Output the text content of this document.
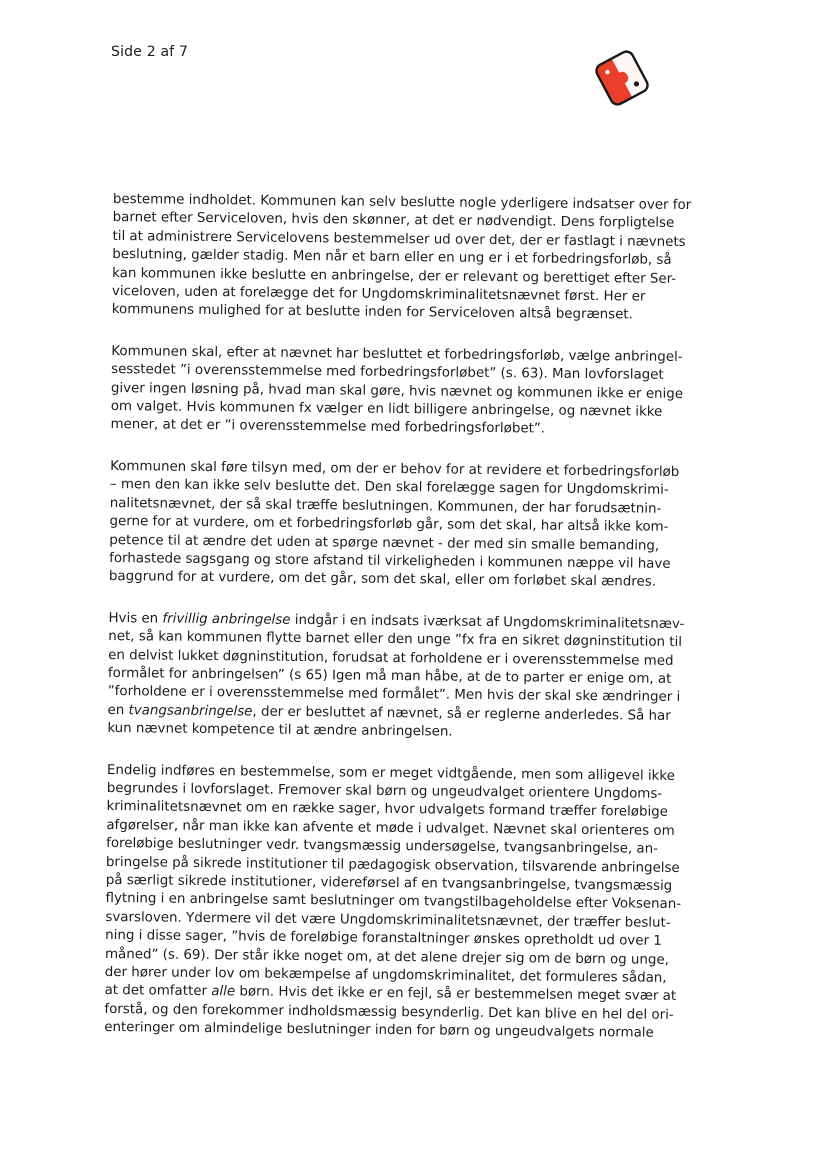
Side 2 af 7

bestemme indholdet. Kommunen kan selv beslutte nogle yderligere indsatser over for
barnet efter Serviceloven, hvis den skønner, at det er nødvendigt. Dens forpligtelse
til at administrere Servicelovens bestemmelser ud over det, der er fastlagt i nævnets
beslutning, gælder stadig. Men når et barn eller en ung er i et forbedringsforløb, så
kan kommunen ikke beslutte en anbringelse, der er relevant og berettiget efter Ser-
viceloven, uden at forelægge det for Ungdomskriminalitetsnævnet først. Her er
kommunens mulighed for at beslutte inden for Serviceloven altså begrænset.

Kommunen skal, efter at nævnet har besluttet et forbedringsforløb, vælge anbringel-
sesstedet ”i overensstemmelse med forbedringsforløbet” (s. 63). Man lovforslaget
giver ingen løsning på, hvad man skal gøre, hvis nævnet og kommunen ikke er enige
om valget. Hvis kommunen fx vælger en lidt billigere anbringelse, og nævnet ikke
mener, at det er ”i overensstemmelse med forbedringsforløbet”.

Kommunen skal føre tilsyn med, om der er behov for at revidere et forbedringsforløb
– men den kan ikke selv beslutte det. Den skal forelægge sagen for Ungdomskrimi-
nalitetsnævnet, der så skal træffe beslutningen. Kommunen, der har forudsætnin-
gerne for at vurdere, om et forbedringsforløb går, som det skal, har altså ikke kom-
petence til at ændre det uden at spørge nævnet - der med sin smalle bemanding,
forhastede sagsgang og store afstand til virkeligheden i kommunen næppe vil have
baggrund for at vurdere, om det går, som det skal, eller om forløbet skal ændres.

Hvis en frivillig anbringelse indgår i en indsats iværksat af Ungdomskriminalitetsnæv-
net, så kan kommunen flytte barnet eller den unge ”fx fra en sikret døgninstitution til
en delvist lukket døgninstitution, forudsat at forholdene er i overensstemmelse med
formålet for anbringelsen” (s 65) Igen må man håbe, at de to parter er enige om, at
”forholdene er i overensstemmelse med formålet”. Men hvis der skal ske ændringer i
en tvangsanbringelse, der er besluttet af nævnet, så er reglerne anderledes. Så har
kun nævnet kompetence til at ændre anbringelsen.

Endelig indføres en bestemmelse, som er meget vidtgående, men som alligevel ikke
begrundes i lovforslaget. Fremover skal børn og ungeudvalget orientere Ungdoms-
kriminalitetsnævnet om en række sager, hvor udvalgets formand træffer foreløbige
afgørelser, når man ikke kan afvente et møde i udvalget. Nævnet skal orienteres om
foreløbige beslutninger vedr. tvangsmæssig undersøgelse, tvangsanbringelse, an-
bringelse på sikrede institutioner til pædagogisk observation, tilsvarende anbringelse
på særligt sikrede institutioner, videreførsel af en tvangsanbringelse, tvangsmæssig
flytning i en anbringelse samt beslutninger om tvangstilbageholdelse efter Voksenan-
svarsloven. Ydermere vil det være Ungdomskriminalitetsnævnet, der træffer beslut-
ning i disse sager, ”hvis de foreløbige foranstaltninger ønskes opretholdt ud over 1
måned” (s. 69). Der står ikke noget om, at det alene drejer sig om de børn og unge,
der hører under lov om bekæmpelse af ungdomskriminalitet, det formuleres sådan,
at det omfatter alle børn. Hvis det ikke er en fejl, så er bestemmelsen meget svær at
forstå, og den forekommer indholdsmæssig besynderlig. Det kan blive en hel del ori-
enteringer om almindelige beslutninger inden for børn og ungeudvalgets normale
